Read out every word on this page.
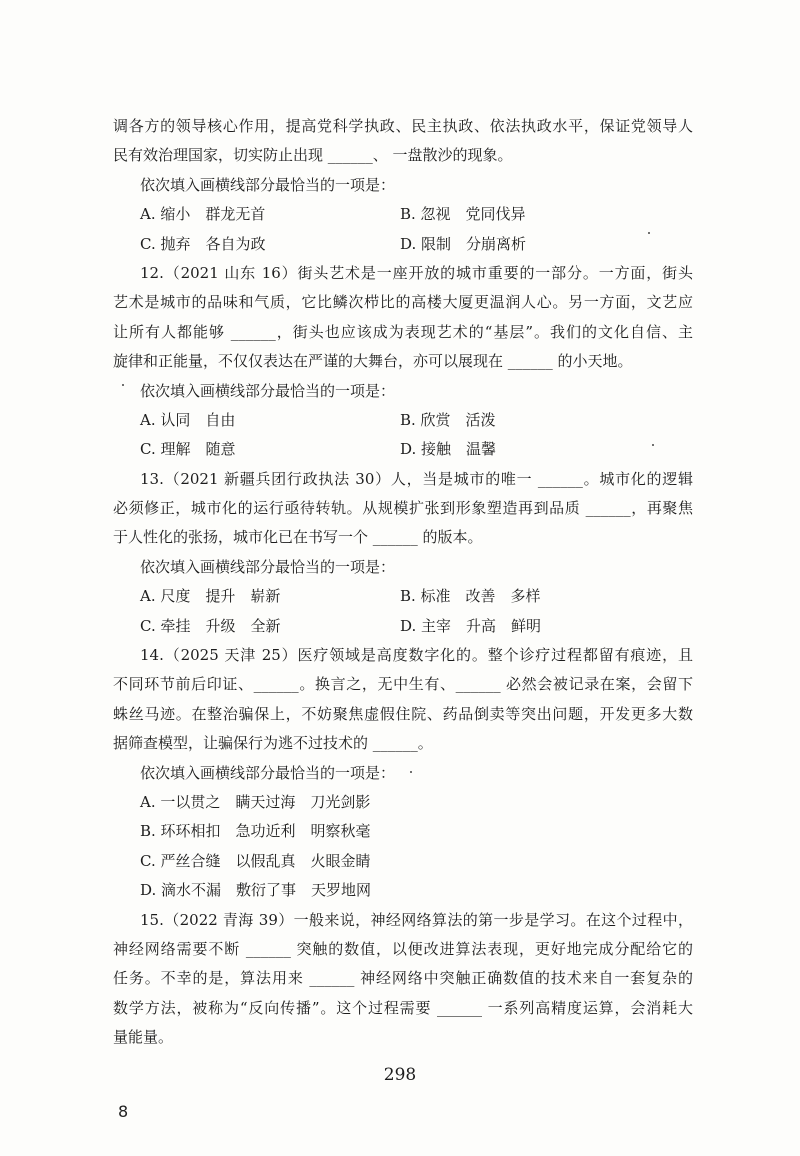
调各方的领导核心作用，提高党科学执政、民主执政、依法执政水平，保证党领导人
民有效治理国家，切实防止出现 ______、 一盘散沙的现象。
依次填入画横线部分最恰当的一项是：
A. 缩小　群龙无首	B. 忽视　党同伐异
C. 抛弃　各自为政	D. 限制　分崩离析
12.（2021 山东 16）街头艺术是一座开放的城市重要的一部分。一方面，街头
艺术是城市的品味和气质，它比鳞次栉比的高楼大厦更温润人心。另一方面，文艺应
让所有人都能够 ______，街头也应该成为表现艺术的“基层”。我们的文化自信、主
旋律和正能量，不仅仅表达在严谨的大舞台，亦可以展现在 ______ 的小天地。
依次填入画横线部分最恰当的一项是：
A. 认同　自由	B. 欣赏　活泼
C. 理解　随意	D. 接触　温馨
13.（2021 新疆兵团行政执法 30）人，当是城市的唯一 ______。城市化的逻辑
必须修正，城市化的运行亟待转轨。从规模扩张到形象塑造再到品质 ______，再聚焦
于人性化的张扬，城市化已在书写一个 ______ 的版本。
依次填入画横线部分最恰当的一项是：
A. 尺度　提升　崭新	B. 标准　改善　多样
C. 牵挂　升级　全新	D. 主宰　升高　鲜明
14.（2025 天津 25）医疗领域是高度数字化的。整个诊疗过程都留有痕迹，且
不同环节前后印证、______。换言之，无中生有、______ 必然会被记录在案，会留下
蛛丝马迹。在整治骗保上，不妨聚焦虚假住院、药品倒卖等突出问题，开发更多大数
据筛查模型，让骗保行为逃不过技术的 ______。
依次填入画横线部分最恰当的一项是：
A. 一以贯之　瞒天过海　刀光剑影
B. 环环相扣　急功近利　明察秋毫
C. 严丝合缝　以假乱真　火眼金睛
D. 滴水不漏　敷衍了事　天罗地网
15.（2022 青海 39）一般来说，神经网络算法的第一步是学习。在这个过程中，
神经网络需要不断 ______ 突触的数值，以便改进算法表现，更好地完成分配给它的
任务。不幸的是，算法用来 ______ 神经网络中突触正确数值的技术来自一套复杂的
数学方法，被称为“反向传播”。这个过程需要 ______ 一系列高精度运算，会消耗大
量能量。
298
8
